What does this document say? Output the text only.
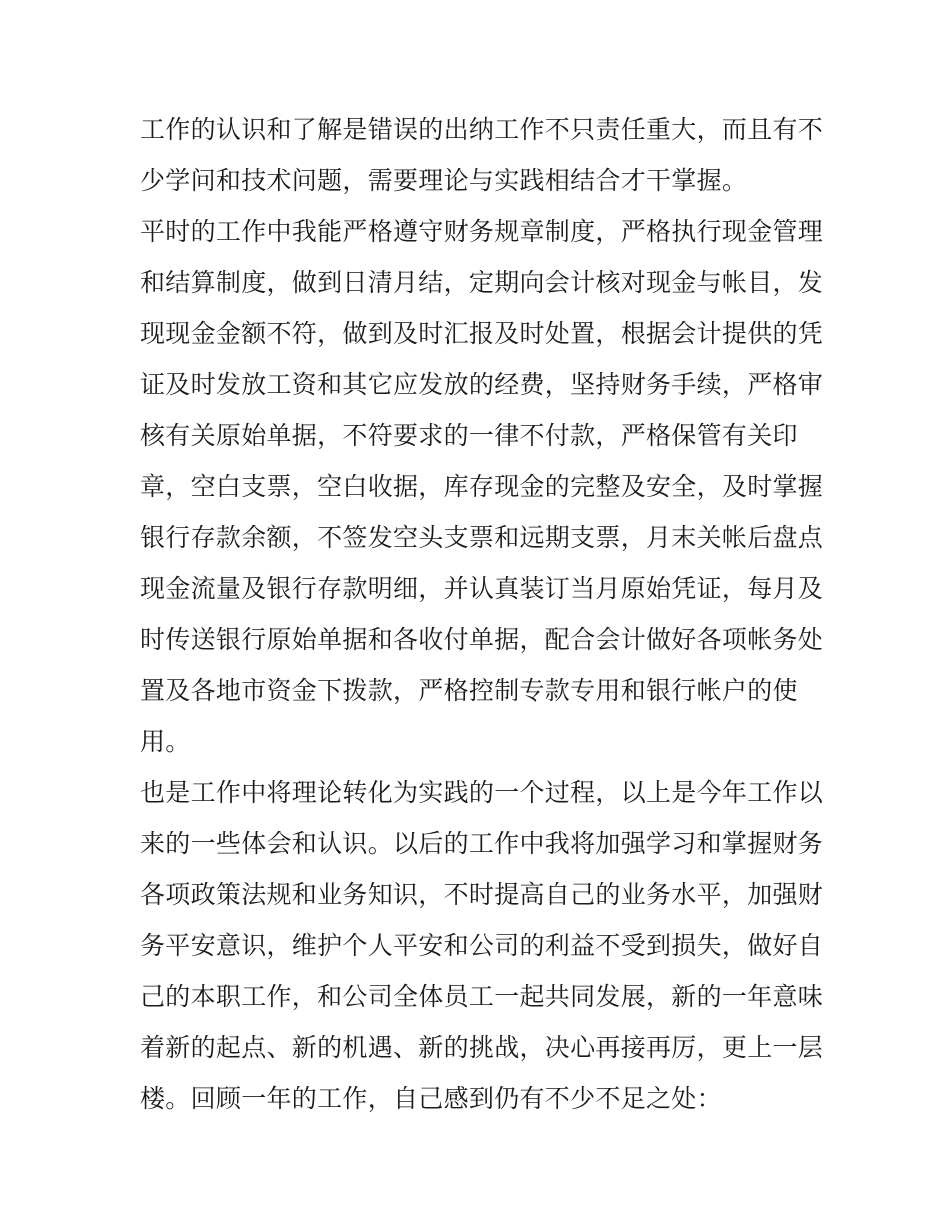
工作的认识和了解是错误的出纳工作不只责任重大，而且有不
少学问和技术问题，需要理论与实践相结合才干掌握。
平时的工作中我能严格遵守财务规章制度，严格执行现金管理
和结算制度，做到日清月结，定期向会计核对现金与帐目，发
现现金金额不符，做到及时汇报及时处置，根据会计提供的凭
证及时发放工资和其它应发放的经费，坚持财务手续，严格审
核有关原始单据，不符要求的一律不付款，严格保管有关印
章，空白支票，空白收据，库存现金的完整及安全，及时掌握
银行存款余额，不签发空头支票和远期支票，月末关帐后盘点
现金流量及银行存款明细，并认真装订当月原始凭证，每月及
时传送银行原始单据和各收付单据，配合会计做好各项帐务处
置及各地市资金下拨款，严格控制专款专用和银行帐户的使
用。
也是工作中将理论转化为实践的一个过程，以上是今年工作以
来的一些体会和认识。以后的工作中我将加强学习和掌握财务
各项政策法规和业务知识，不时提高自己的业务水平，加强财
务平安意识，维护个人平安和公司的利益不受到损失，做好自
己的本职工作，和公司全体员工一起共同发展，新的一年意味
着新的起点、新的机遇、新的挑战，决心再接再厉，更上一层
楼。回顾一年的工作，自己感到仍有不少不足之处：
